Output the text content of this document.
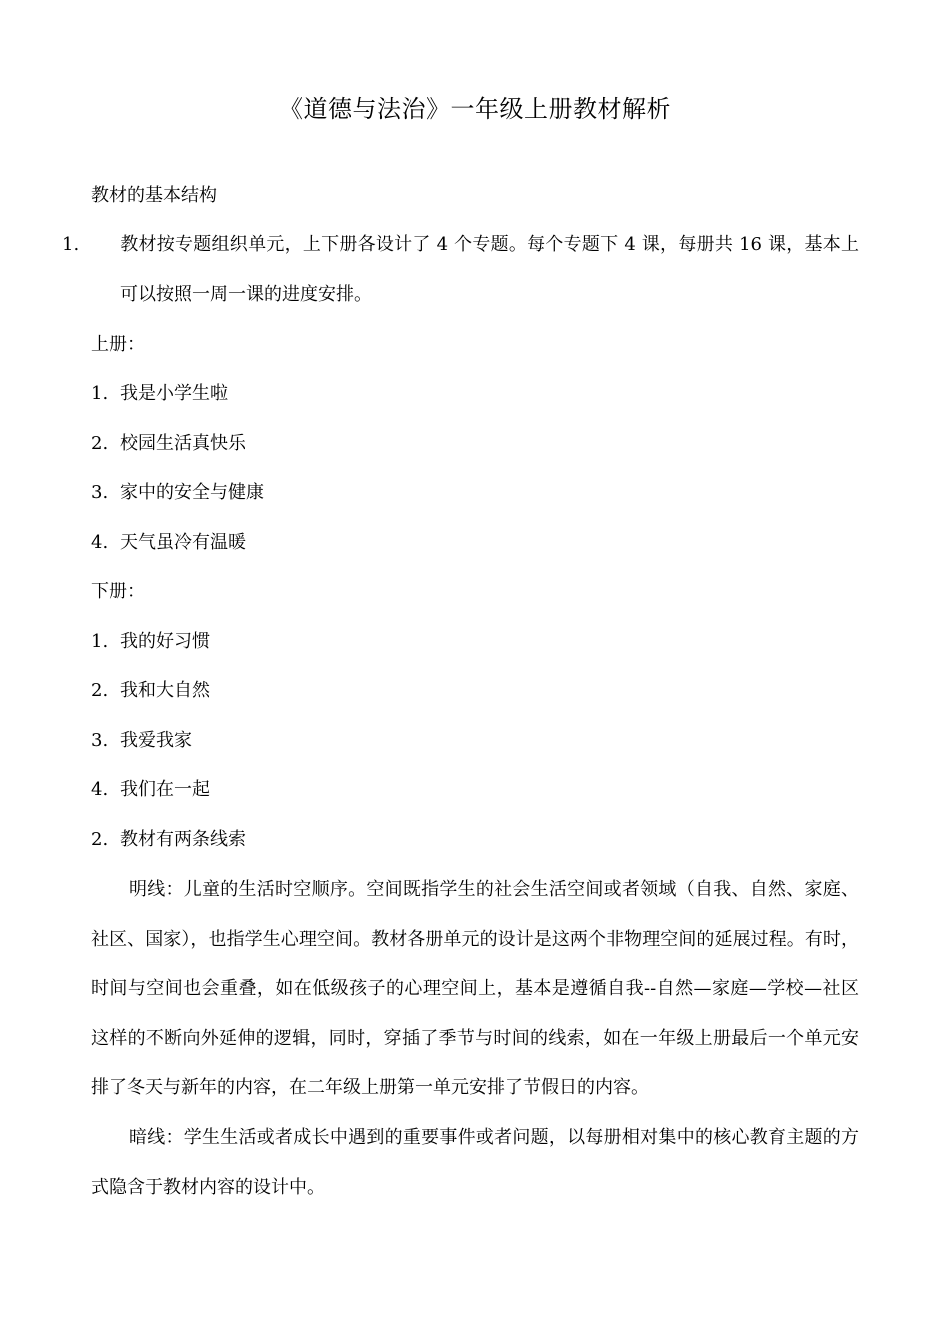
《道德与法治》一年级上册教材解析
教材的基本结构
1. 教材按专题组织单元，上下册各设计了 4 个专题。每个专题下 4 课，每册共 16 课，基本上可以按照一周一课的进度安排。
上册：
1. 我是小学生啦
2. 校园生活真快乐
3. 家中的安全与健康
4. 天气虽冷有温暖
下册：
1. 我的好习惯
2. 我和大自然
3. 我爱我家
4. 我们在一起
2. 教材有两条线索
明线：儿童的生活时空顺序。空间既指学生的社会生活空间或者领域（自我、自然、家庭、社区、国家），也指学生心理空间。教材各册单元的设计是这两个非物理空间的延展过程。有时，时间与空间也会重叠，如在低级孩子的心理空间上，基本是遵循自我--自然—家庭—学校—社区这样的不断向外延伸的逻辑，同时，穿插了季节与时间的线索，如在一年级上册最后一个单元安排了冬天与新年的内容，在二年级上册第一单元安排了节假日的内容。
暗线：学生生活或者成长中遇到的重要事件或者问题，以每册相对集中的核心教育主题的方式隐含于教材内容的设计中。
